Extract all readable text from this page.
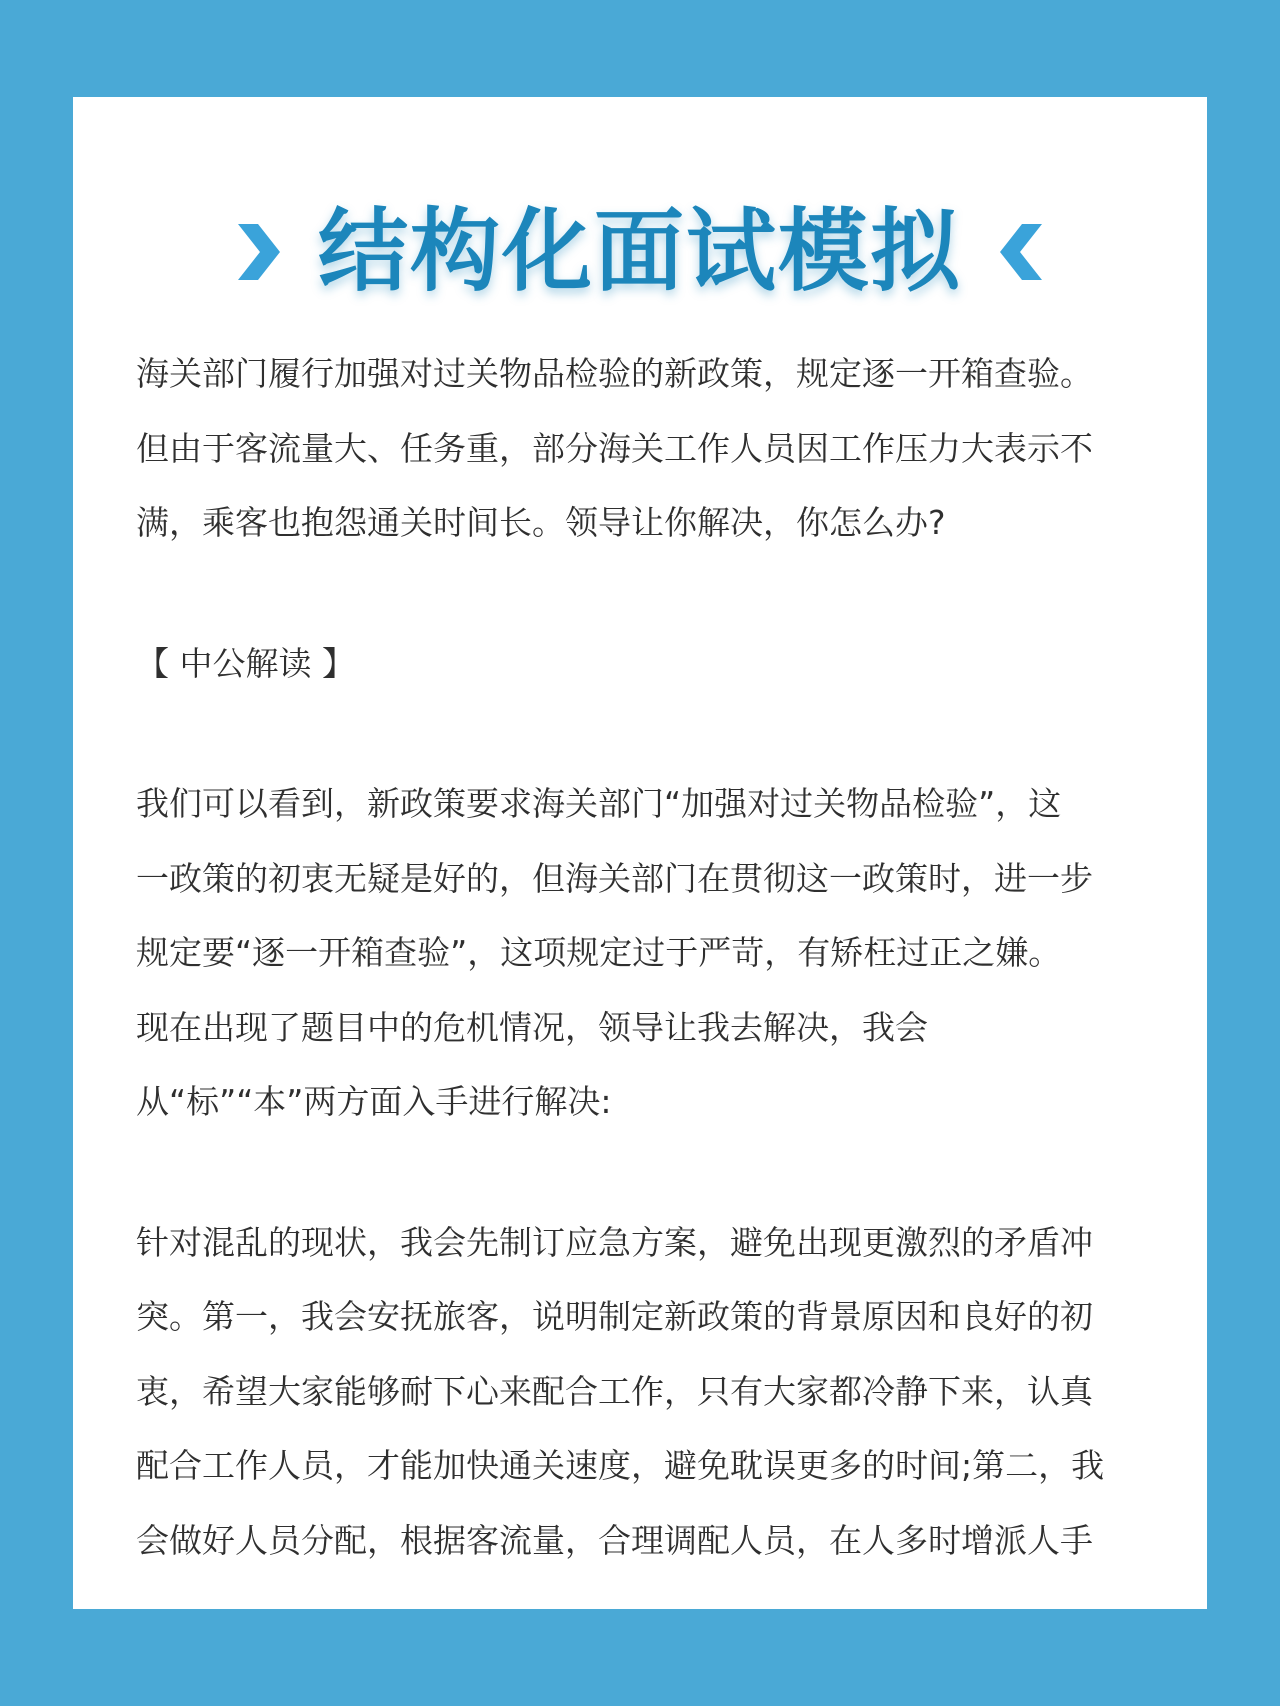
结构化面试模拟

海关部门履行加强对过关物品检验的新政策，规定逐一开箱查验。

但由于客流量大、任务重，部分海关工作人员因工作压力大表示不

满，乘客也抱怨通关时间长。领导让你解决，你怎么办?

【 中公解读 】

我们可以看到，新政策要求海关部门“加强对过关物品检验”，这

一政策的初衷无疑是好的，但海关部门在贯彻这一政策时，进一步

规定要“逐一开箱查验”，这项规定过于严苛，有矫枉过正之嫌。

现在出现了题目中的危机情况，领导让我去解决，我会

从“标”“本”两方面入手进行解决:

针对混乱的现状，我会先制订应急方案，避免出现更激烈的矛盾冲

突。第一，我会安抚旅客，说明制定新政策的背景原因和良好的初

衷，希望大家能够耐下心来配合工作，只有大家都冷静下来，认真

配合工作人员，才能加快通关速度，避免耽误更多的时间;第二，我

会做好人员分配，根据客流量，合理调配人员，在人多时增派人手
